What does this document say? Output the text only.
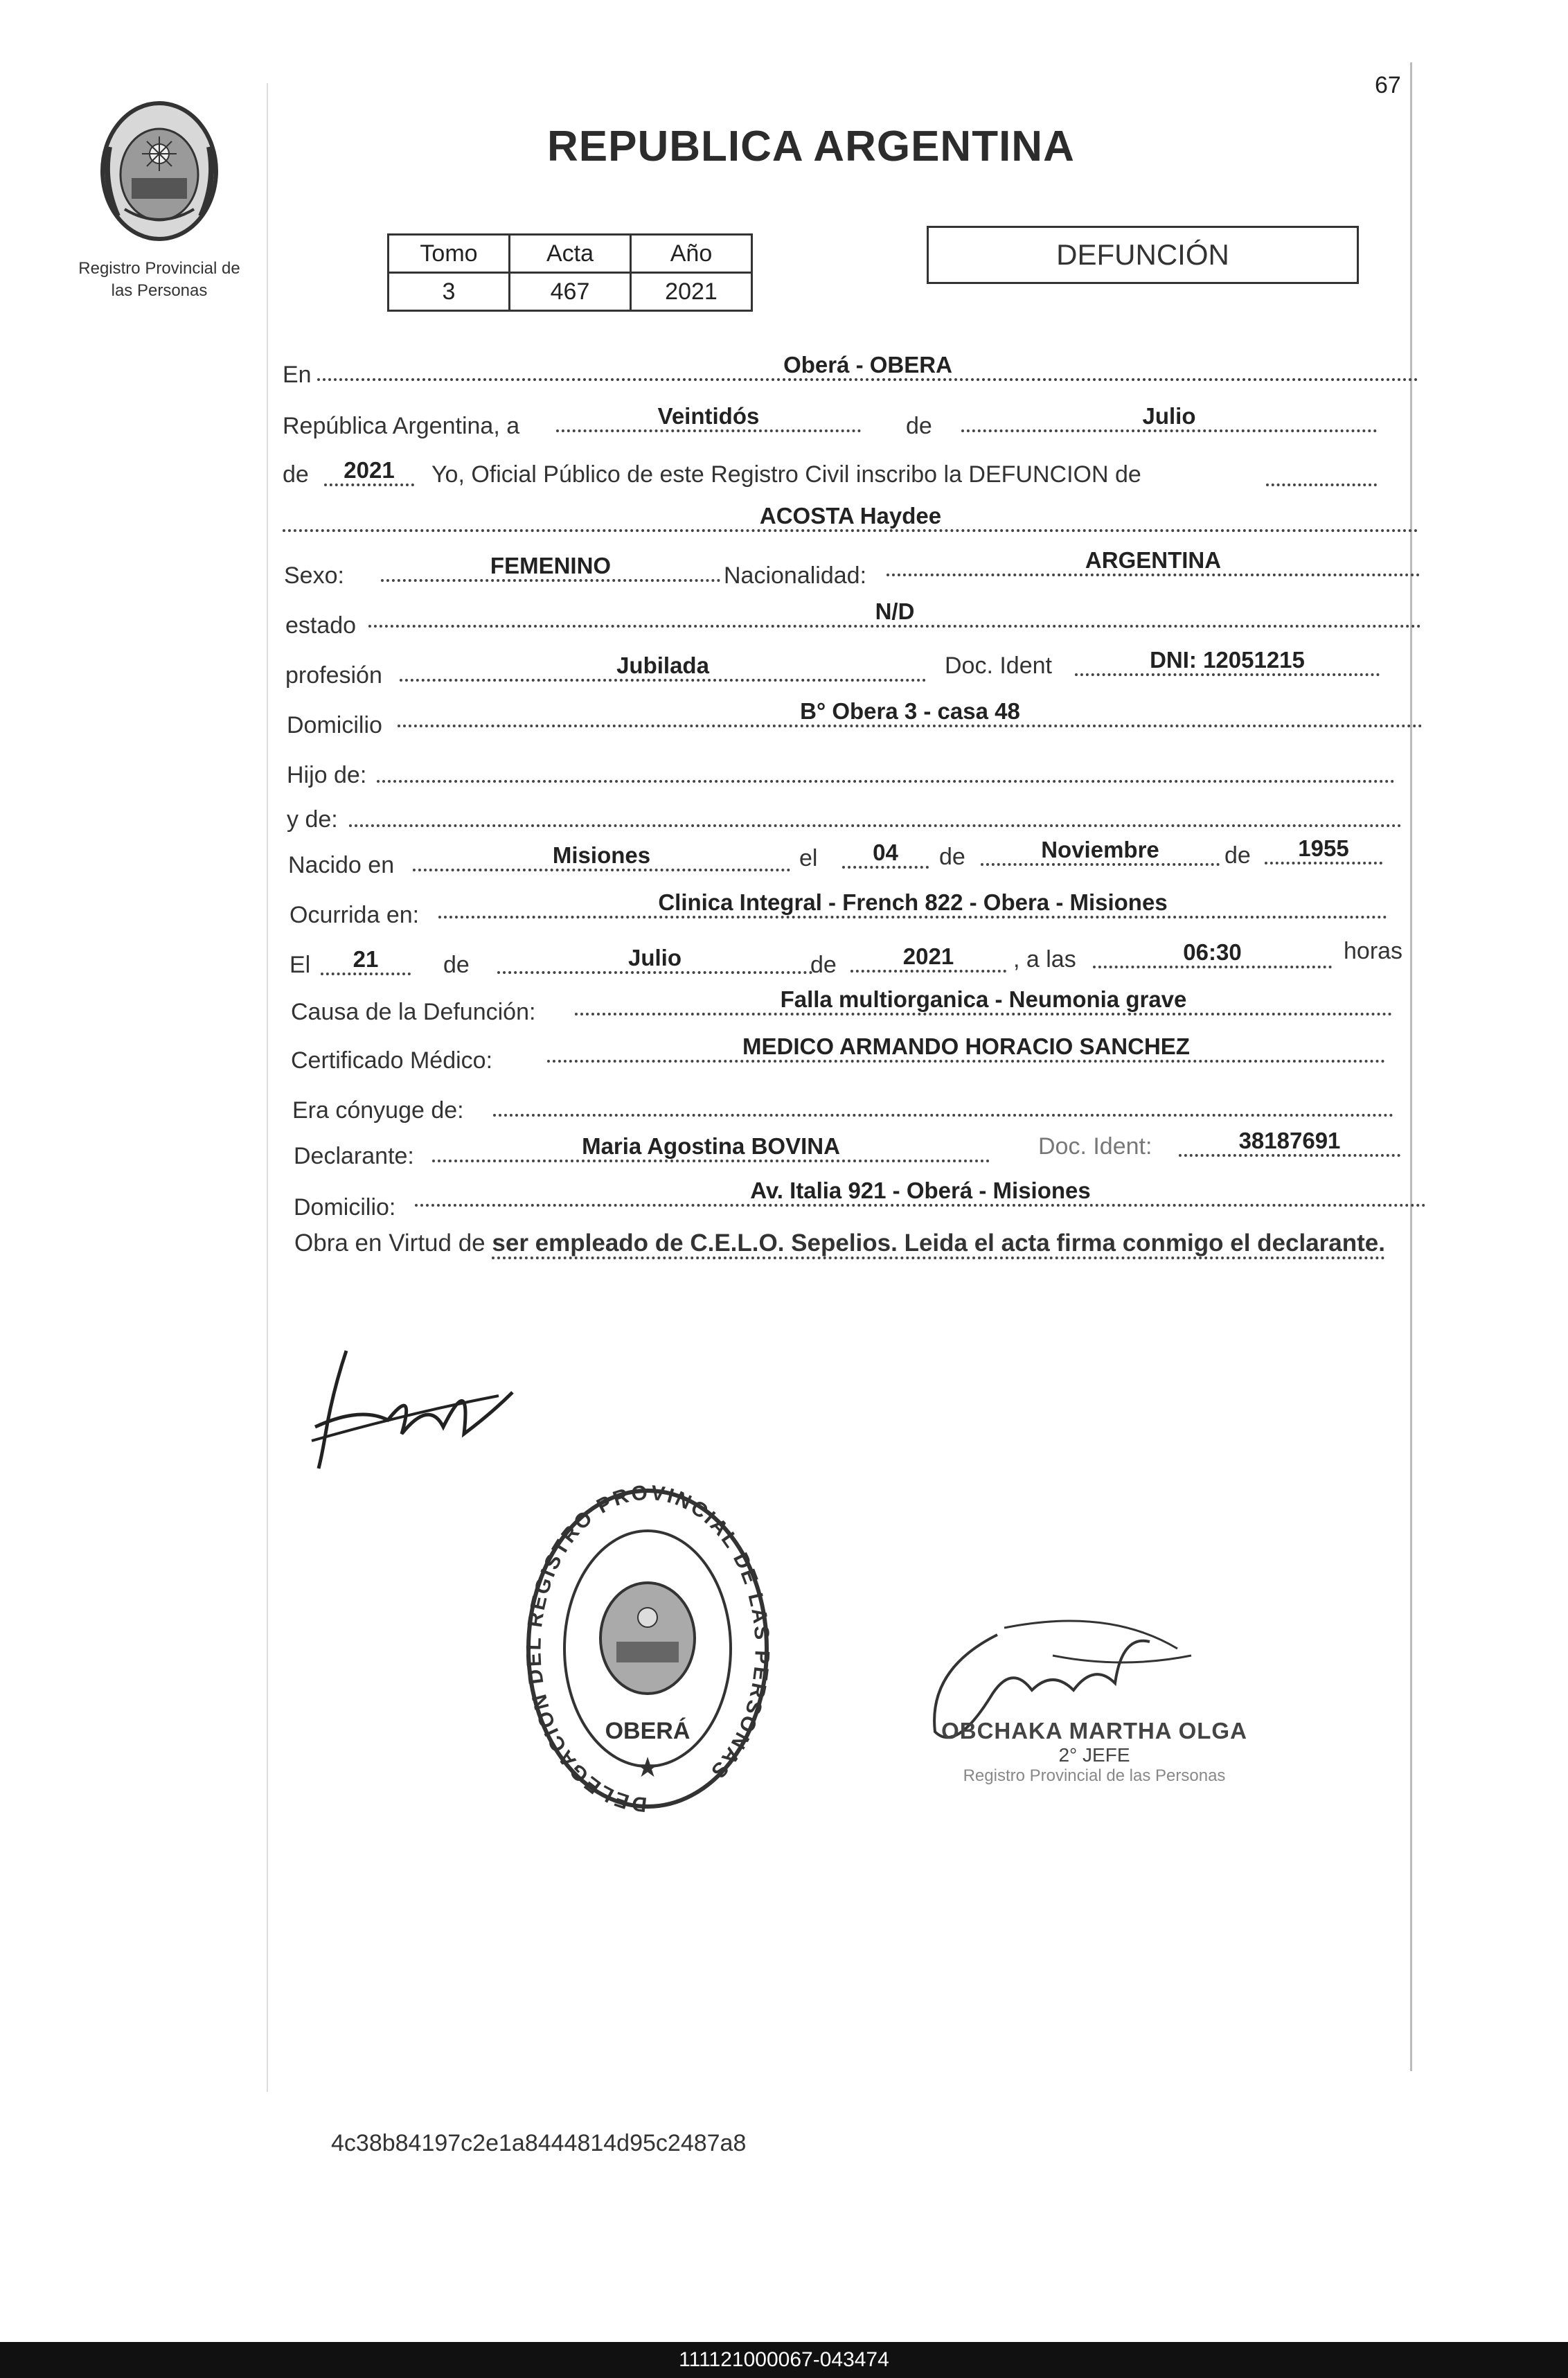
67
Registro Provincial de
las Personas
REPUBLICA ARGENTINA
Tomo	Acta	Año
3	467	2021
DEFUNCIÓN
En	Oberá - OBERA
República Argentina, a	Veintidós	de	Julio
de	2021	Yo, Oficial Público de este Registro Civil inscribo la DEFUNCION de
ACOSTA Haydee
Sexo:	FEMENINO	Nacionalidad:
ARGENTINA
estado
N/D
profesión	Jubilada	Doc. Ident	DNI: 12051215
Domicilio
B° Obera 3 - casa 48
Hijo de:
y de:
Nacido en	Misiones	el	04	de	Noviembre	de	1955
Ocurrida en:	Clinica Integral - French 822 - Obera - Misiones
El	21	de	Julio	de	2021	, a las	06:30	horas
Causa de la Defunción:	Falla multiorganica - Neumonia grave
Certificado Médico:
MEDICO ARMANDO HORACIO SANCHEZ
Era cónyuge de:
Declarante:	Maria Agostina BOVINA	Doc. Ident:	38187691
Domicilio:
Av. Italia 921 - Oberá - Misiones
Obra en Virtud de ser empleado de C.E.L.O. Sepelios. Leida el acta firma conmigo el declarante.
DELEGACION DEL REGISTRO PROVINCIAL DE LAS PERSONAS
OBERÁ
★
OBCHAKA MARTHA OLGA
2° JEFE
Registro Provincial de las Personas
4c38b84197c2e1a8444814d95c2487a8
111121000067-043474
